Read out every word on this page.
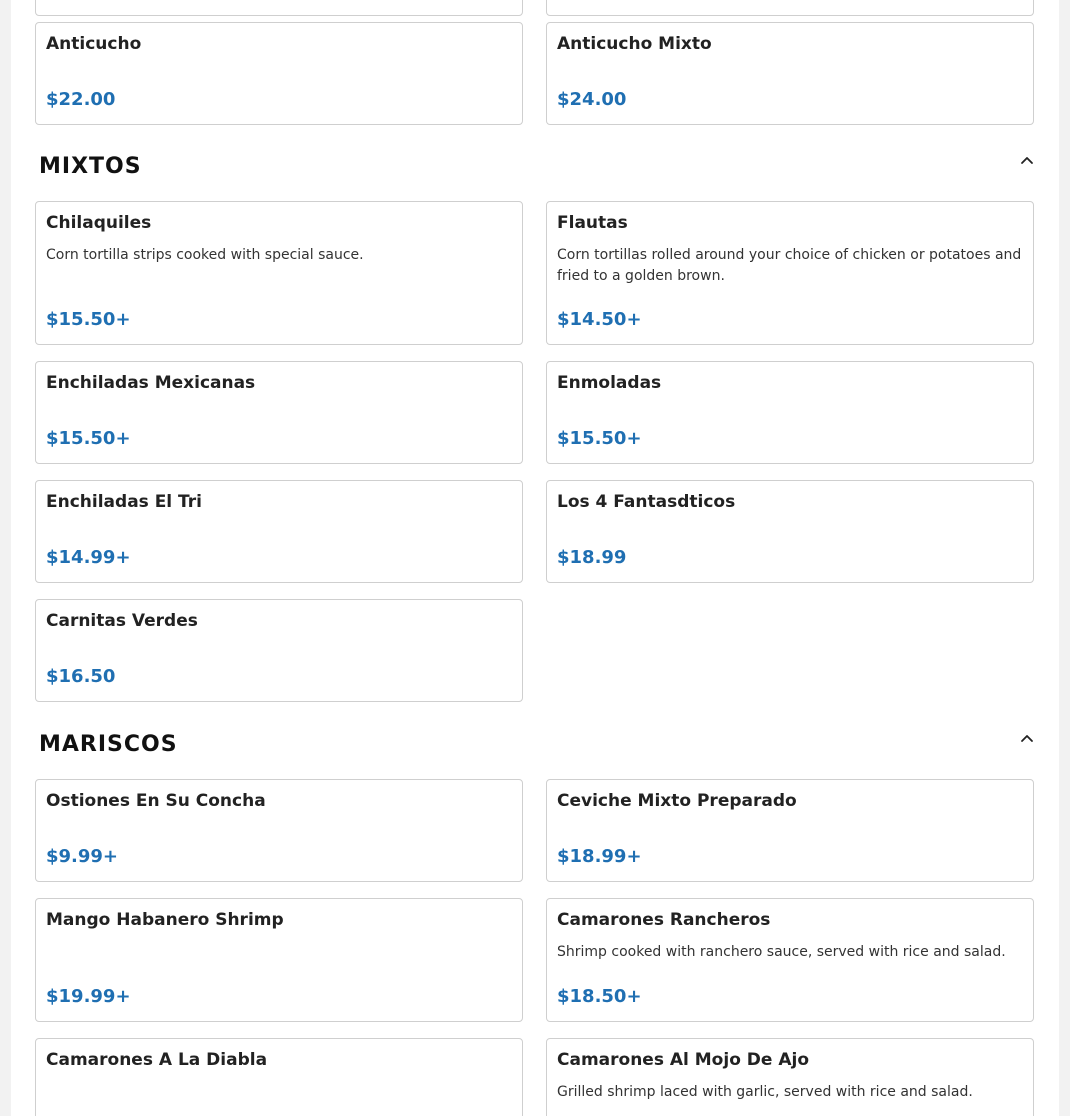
Anticucho
$22.00
Anticucho Mixto
$24.00
MIXTOS
Chilaquiles
Corn tortilla strips cooked with special sauce.
$15.50+
Flautas
Corn tortillas rolled around your choice of chicken or potatoes and fried to a golden brown.
$14.50+
Enchiladas Mexicanas
$15.50+
Enmoladas
$15.50+
Enchiladas El Tri
$14.99+
Los 4 Fantasdticos
$18.99
Carnitas Verdes
$16.50
MARISCOS
Ostiones En Su Concha
$9.99+
Ceviche Mixto Preparado
$18.99+
Mango Habanero Shrimp
$19.99+
Camarones Rancheros
Shrimp cooked with ranchero sauce, served with rice and salad.
$18.50+
Camarones A La Diabla	Camarones Al Mojo De Ajo
Grilled shrimp laced with garlic, served with rice and salad.
